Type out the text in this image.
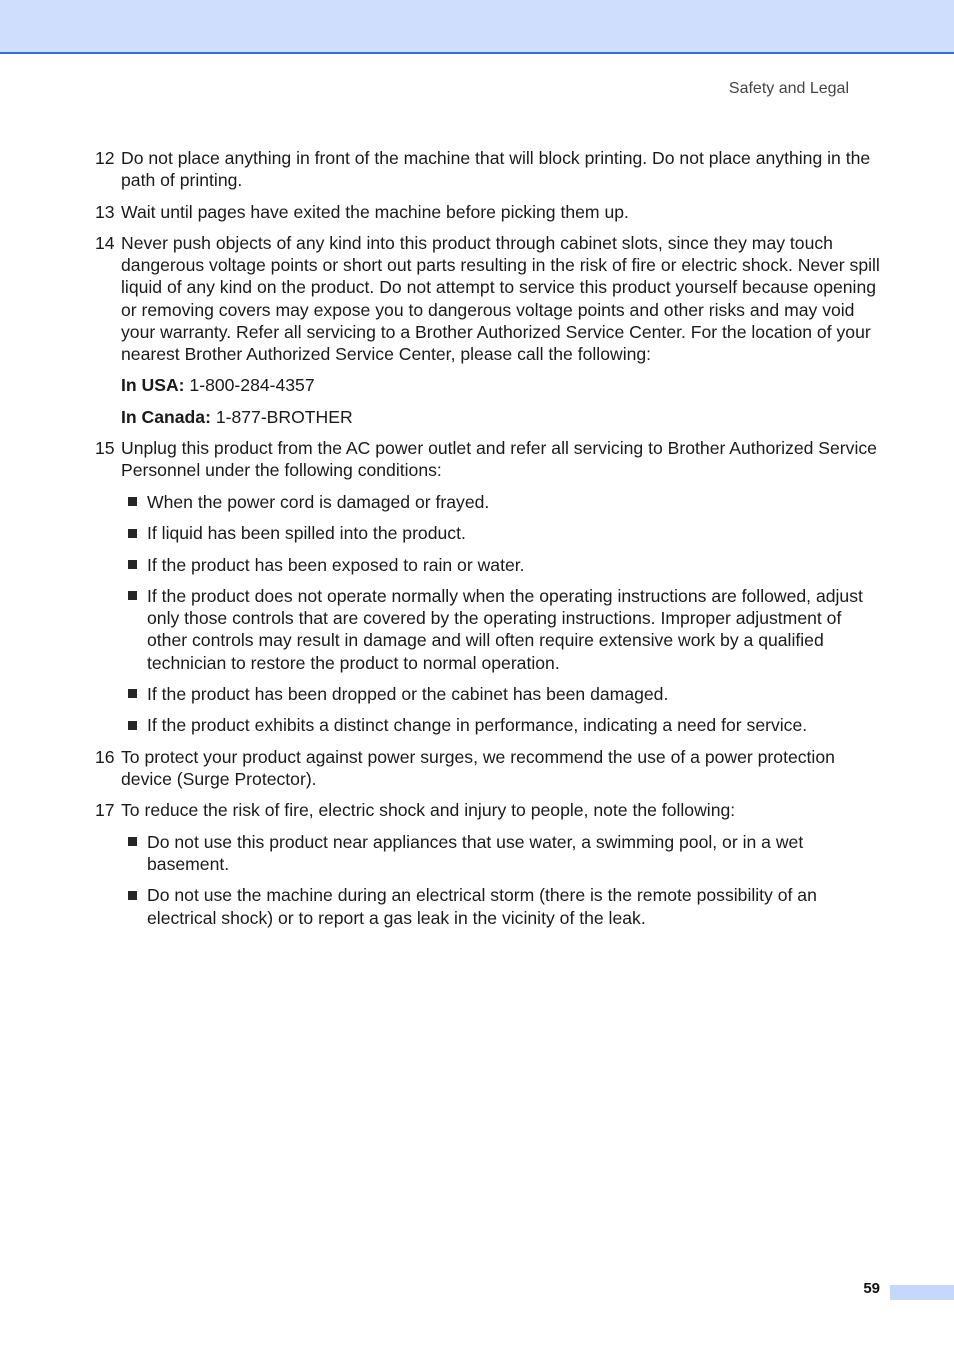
Safety and Legal
12 Do not place anything in front of the machine that will block printing. Do not place anything in the path of printing.
13 Wait until pages have exited the machine before picking them up.
14 Never push objects of any kind into this product through cabinet slots, since they may touch dangerous voltage points or short out parts resulting in the risk of fire or electric shock. Never spill liquid of any kind on the product. Do not attempt to service this product yourself because opening or removing covers may expose you to dangerous voltage points and other risks and may void your warranty. Refer all servicing to a Brother Authorized Service Center. For the location of your nearest Brother Authorized Service Center, please call the following:
In USA: 1-800-284-4357
In Canada: 1-877-BROTHER
15 Unplug this product from the AC power outlet and refer all servicing to Brother Authorized Service Personnel under the following conditions:
When the power cord is damaged or frayed.
If liquid has been spilled into the product.
If the product has been exposed to rain or water.
If the product does not operate normally when the operating instructions are followed, adjust only those controls that are covered by the operating instructions. Improper adjustment of other controls may result in damage and will often require extensive work by a qualified technician to restore the product to normal operation.
If the product has been dropped or the cabinet has been damaged.
If the product exhibits a distinct change in performance, indicating a need for service.
16 To protect your product against power surges, we recommend the use of a power protection device (Surge Protector).
17 To reduce the risk of fire, electric shock and injury to people, note the following:
Do not use this product near appliances that use water, a swimming pool, or in a wet basement.
Do not use the machine during an electrical storm (there is the remote possibility of an electrical shock) or to report a gas leak in the vicinity of the leak.
59
